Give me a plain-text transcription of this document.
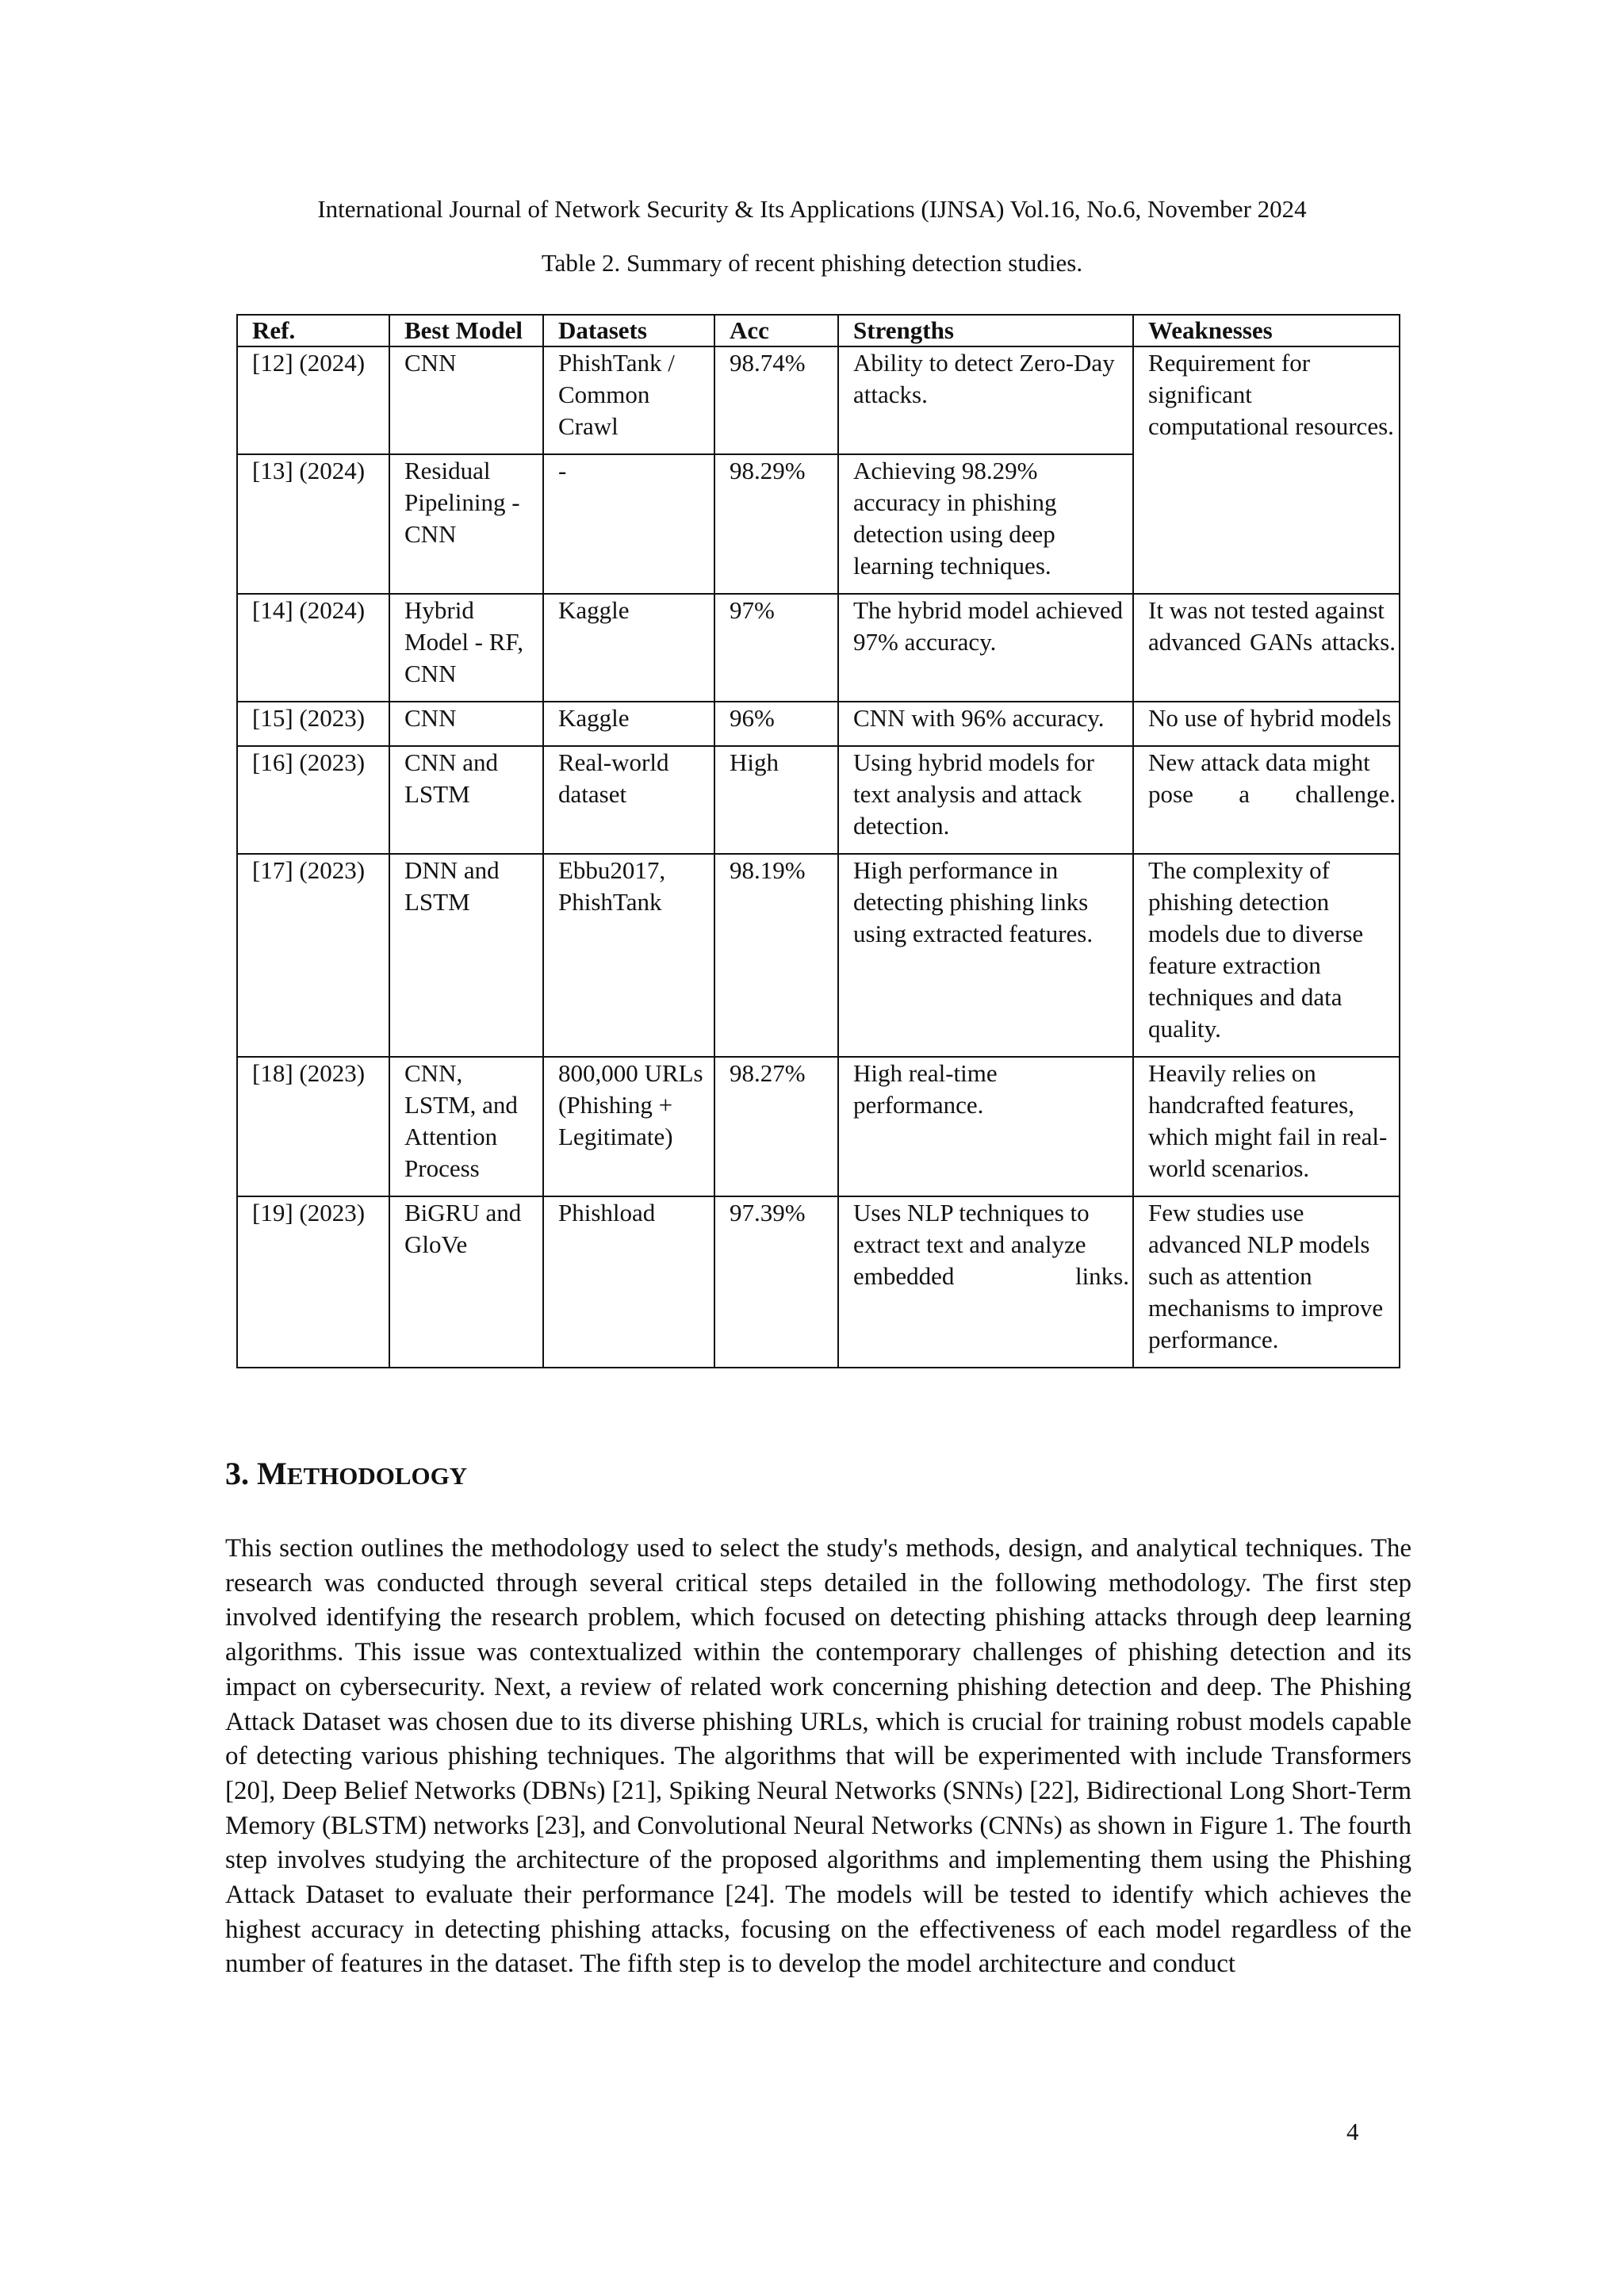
International Journal of Network Security & Its Applications (IJNSA) Vol.16, No.6, November 2024
Table 2. Summary of recent phishing detection studies.
Ref.	Best Model	Datasets	Acc	Strengths	Weaknesses
[12] (2024)	CNN	PhishTank / Common Crawl	98.74%	Ability to detect Zero-Day attacks.	Requirement for significant computational resources.
[13] (2024)	Residual Pipelining - CNN	-	98.29%	Achieving 98.29% accuracy in phishing detection using deep learning techniques.	
[14] (2024)	Hybrid Model - RF, CNN	Kaggle	97%	The hybrid model achieved 97% accuracy.	It was not tested against advanced GANs attacks.
[15] (2023)	CNN	Kaggle	96%	CNN with 96% accuracy.	No use of hybrid models
[16] (2023)	CNN and LSTM	Real-world dataset	High	Using hybrid models for text analysis and attack detection.	New attack data might pose a challenge.
[17] (2023)	DNN and LSTM	Ebbu2017, PhishTank	98.19%	High performance in detecting phishing links using extracted features.	The complexity of phishing detection models due to diverse feature extraction techniques and data quality.
[18] (2023)	CNN, LSTM, and Attention Process	800,000 URLs (Phishing + Legitimate)	98.27%	High real-time performance.	Heavily relies on handcrafted features, which might fail in real-world scenarios.
[19] (2023)	BiGRU and GloVe	Phishload	97.39%	Uses NLP techniques to extract text and analyze embedded links.	Few studies use advanced NLP models such as attention mechanisms to improve performance.
3. METHODOLOGY

This section outlines the methodology used to select the study's methods, design, and analytical techniques. The research was conducted through several critical steps detailed in the following methodology. The first step involved identifying the research problem, which focused on detecting phishing attacks through deep learning algorithms. This issue was contextualized within the contemporary challenges of phishing detection and its impact on cybersecurity. Next, a review of related work concerning phishing detection and deep. The Phishing Attack Dataset was chosen due to its diverse phishing URLs, which is crucial for training robust models capable of detecting various phishing techniques. The algorithms that will be experimented with include Transformers [20], Deep Belief Networks (DBNs) [21], Spiking Neural Networks (SNNs) [22], Bidirectional Long Short-Term Memory (BLSTM) networks [23], and Convolutional Neural Networks (CNNs) as shown in Figure 1. The fourth step involves studying the architecture of the proposed algorithms and implementing them using the Phishing Attack Dataset to evaluate their performance [24]. The models will be tested to identify which achieves the highest accuracy in detecting phishing attacks, focusing on the effectiveness of each model regardless of the number of features in the dataset. The fifth step is to develop the model architecture and conduct

4
